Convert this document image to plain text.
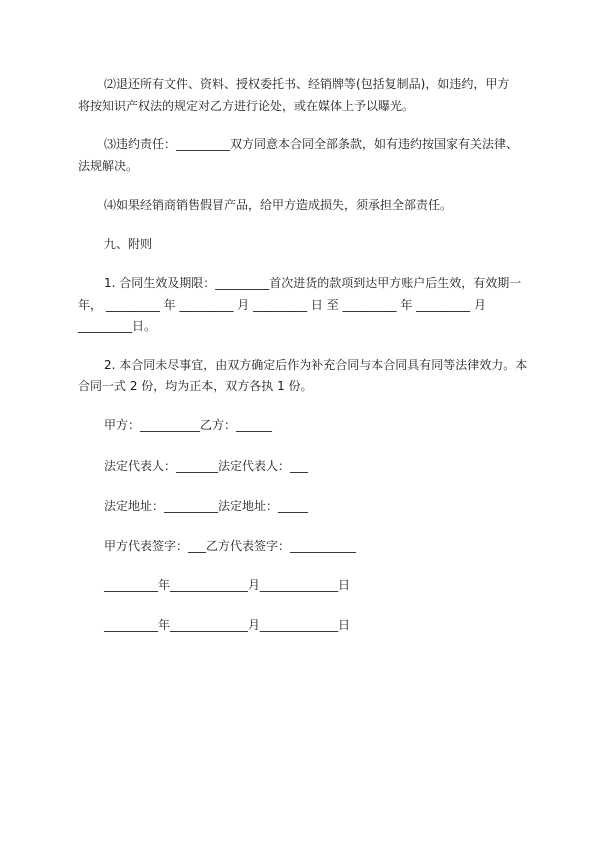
⑵退还所有文件、资料、授权委托书、经销牌等(包括复制品)，如违约，甲方
将按知识产权法的规定对乙方进行论处，或在媒体上予以曝光。
⑶违约责任：_________双方同意本合同全部条款，如有违约按国家有关法律、
法规解决。
⑷如果经销商销售假冒产品，给甲方造成损失，须承担全部责任。
九、附则
1. 合同生效及期限：_________首次进货的款项到达甲方账户后生效，有效期一
年， _________ 年 _________ 月 _________ 日 至 _________ 年 _________ 月
_________日。
2. 本合同未尽事宜，由双方确定后作为补充合同与本合同具有同等法律效力。本
合同一式 2 份，均为正本，双方各执 1 份。
甲方：__________乙方：______
法定代表人：_______法定代表人：___
法定地址：_________法定地址：_____
甲方代表签字：___乙方代表签字：___________
_________年_____________月_____________日
_________年_____________月_____________日
